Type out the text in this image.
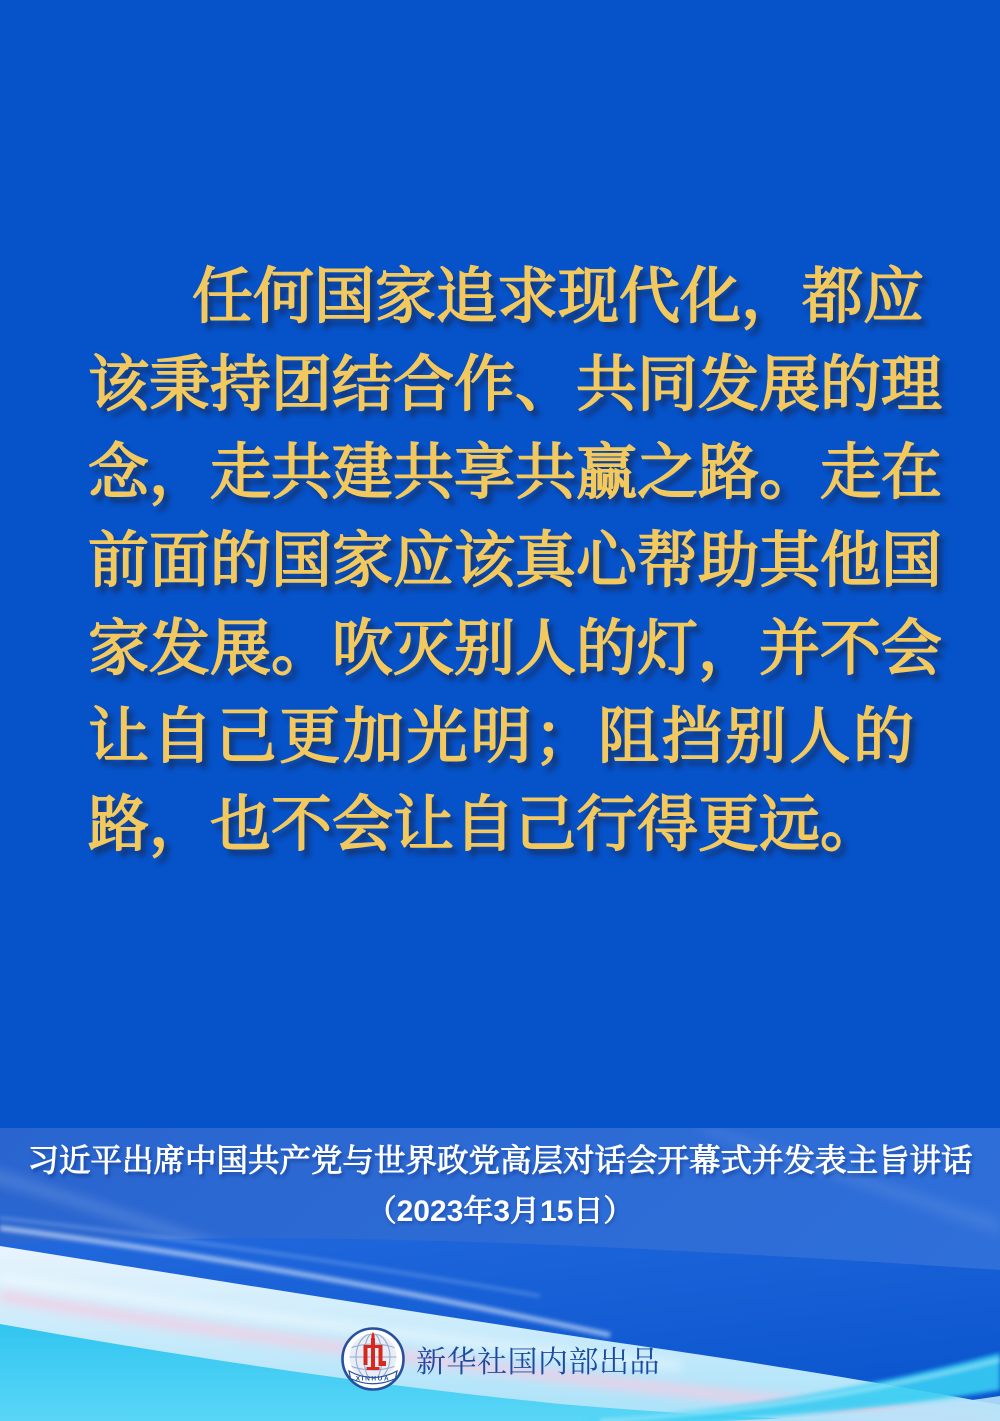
任何国家追求现代化，都应
该秉持团结合作、共同发展的理
念，走共建共享共赢之路。走在
前面的国家应该真心帮助其他国
家发展。吹灭别人的灯，并不会
让自己更加光明；阻挡别人的
路，也不会让自己行得更远。
习近平出席中国共产党与世界政党高层对话会开幕式并发表主旨讲话
（2023年3月15日）
XINHUA 新华社国内部出品
